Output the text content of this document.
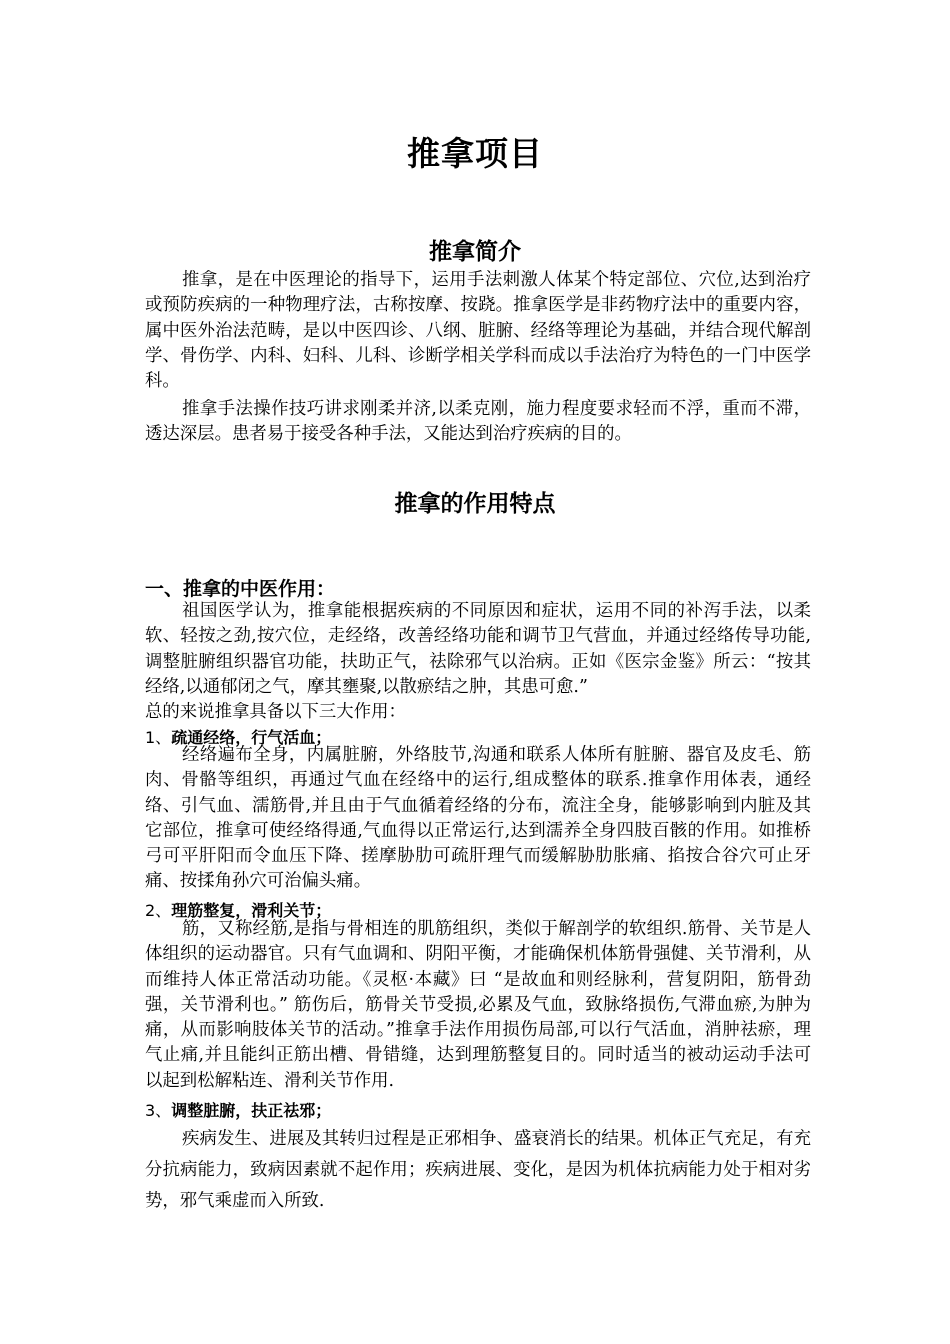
推拿项目
推拿简介
推拿，是在中医理论的指导下，运用手法刺激人体某个特定部位、穴位,达到治疗或预防疾病的一种物理疗法，古称按摩、按跷。推拿医学是非药物疗法中的重要内容，属中医外治法范畴，是以中医四诊、八纲、脏腑、经络等理论为基础，并结合现代解剖学、骨伤学、内科、妇科、儿科、诊断学相关学科而成以手法治疗为特色的一门中医学科。
推拿手法操作技巧讲求刚柔并济,以柔克刚，施力程度要求轻而不浮，重而不滞，透达深层。患者易于接受各种手法，又能达到治疗疾病的目的。
推拿的作用特点
一、推拿的中医作用：
祖国医学认为，推拿能根据疾病的不同原因和症状，运用不同的补泻手法，以柔软、轻按之劲,按穴位，走经络，改善经络功能和调节卫气营血，并通过经络传导功能,调整脏腑组织器官功能，扶助正气，祛除邪气以治病。正如《医宗金鉴》所云：“按其经络,以通郁闭之气，摩其壅聚,以散瘀结之肿，其患可愈.”
总的来说推拿具备以下三大作用：
1、疏通经络，行气活血；
经络遍布全身，内属脏腑，外络肢节,沟通和联系人体所有脏腑、器官及皮毛、筋肉、骨骼等组织，再通过气血在经络中的运行,组成整体的联系.推拿作用体表，通经络、引气血、濡筋骨,并且由于气血循着经络的分布，流注全身，能够影响到内脏及其它部位，推拿可使经络得通,气血得以正常运行,达到濡养全身四肢百骸的作用。如推桥弓可平肝阳而令血压下降、搓摩胁肋可疏肝理气而缓解胁肋胀痛、掐按合谷穴可止牙痛、按揉角孙穴可治偏头痛。
2、理筋整复，滑利关节；
筋，又称经筋,是指与骨相连的肌筋组织，类似于解剖学的软组织.筋骨、关节是人体组织的运动器官。只有气血调和、阴阳平衡，才能确保机体筋骨强健、关节滑利，从而维持人体正常活动功能。《灵枢·本藏》曰 “是故血和则经脉利，营复阴阳，筋骨劲强，关节滑利也。” 筋伤后，筋骨关节受损,必累及气血，致脉络损伤,气滞血瘀,为肿为痛，从而影响肢体关节的活动。”推拿手法作用损伤局部,可以行气活血，消肿祛瘀，理气止痛,并且能纠正筋出槽、骨错缝，达到理筋整复目的。同时适当的被动运动手法可以起到松解粘连、滑利关节作用.
3、调整脏腑，扶正祛邪；
疾病发生、进展及其转归过程是正邪相争、盛衰消长的结果。机体正气充足，有充分抗病能力，致病因素就不起作用；疾病进展、变化，是因为机体抗病能力处于相对劣势，邪气乘虚而入所致.
